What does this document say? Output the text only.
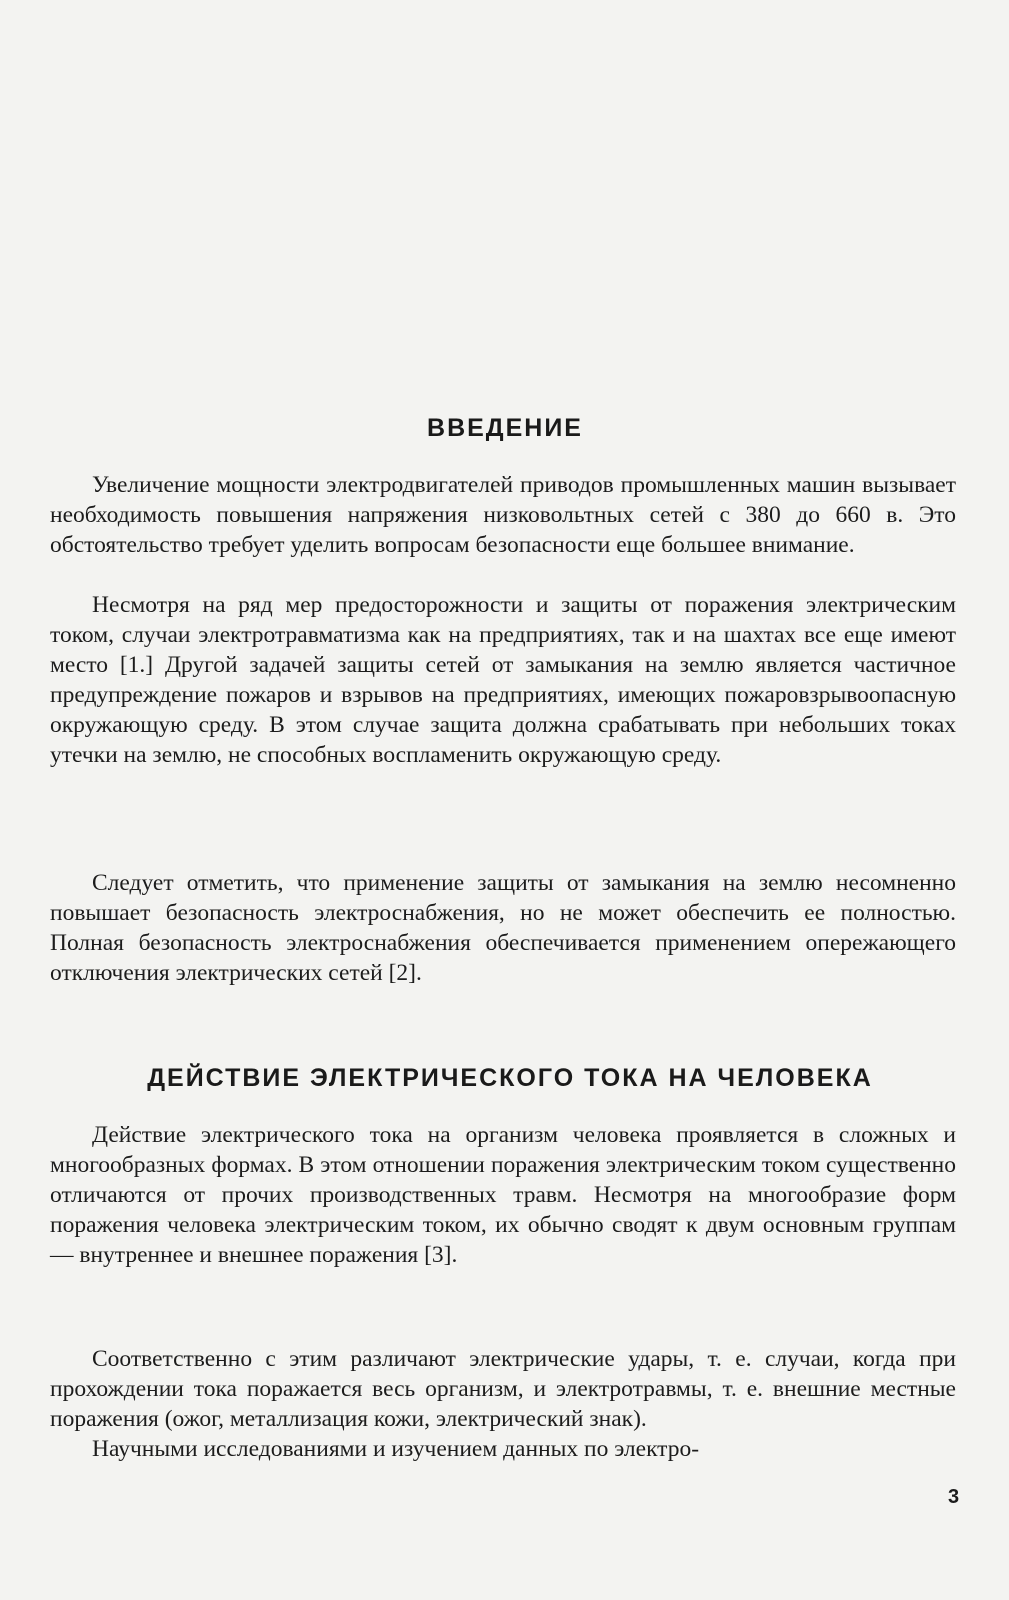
ВВЕДЕНИЕ

Увеличение мощности электродвигателей приводов промышленных машин вызывает необходимость повышения напряжения низковольтных сетей с 380 до 660 в. Это обстоятельство требует уделить вопросам безопасности еще большее внимание.

Несмотря на ряд мер предосторожности и защиты от поражения электрическим током, случаи электротравматизма как на предприятиях, так и на шахтах все еще имеют место [1.] Другой задачей защиты сетей от замыкания на землю является частичное предупреждение пожаров и взрывов на предприятиях, имеющих пожаровзрывоопасную окружающую среду. В этом случае защита должна срабатывать при небольших токах утечки на землю, не способных воспламенить окружающую среду.

Следует отметить, что применение защиты от замыкания на землю несомненно повышает безопасность электроснабжения, но не может обеспечить ее полностью. Полная безопасность электроснабжения обеспечивается применением опережающего отключения электрических сетей [2].

ДЕЙСТВИЕ ЭЛЕКТРИЧЕСКОГО ТОКА НА ЧЕЛОВЕКА

Действие электрического тока на организм человека проявляется в сложных и многообразных формах. В этом отношении поражения электрическим током существенно отличаются от прочих производственных травм. Несмотря на многообразие форм поражения человека электрическим током, их обычно сводят к двум основным группам — внутреннее и внешнее поражения [3].

Соответственно с этим различают электрические удары, т. е. случаи, когда при прохождении тока поражается весь организм, и электротравмы, т. е. внешние местные поражения (ожог, металлизация кожи, электрический знак).

Научными исследованиями и изучением данных по электро-

3
